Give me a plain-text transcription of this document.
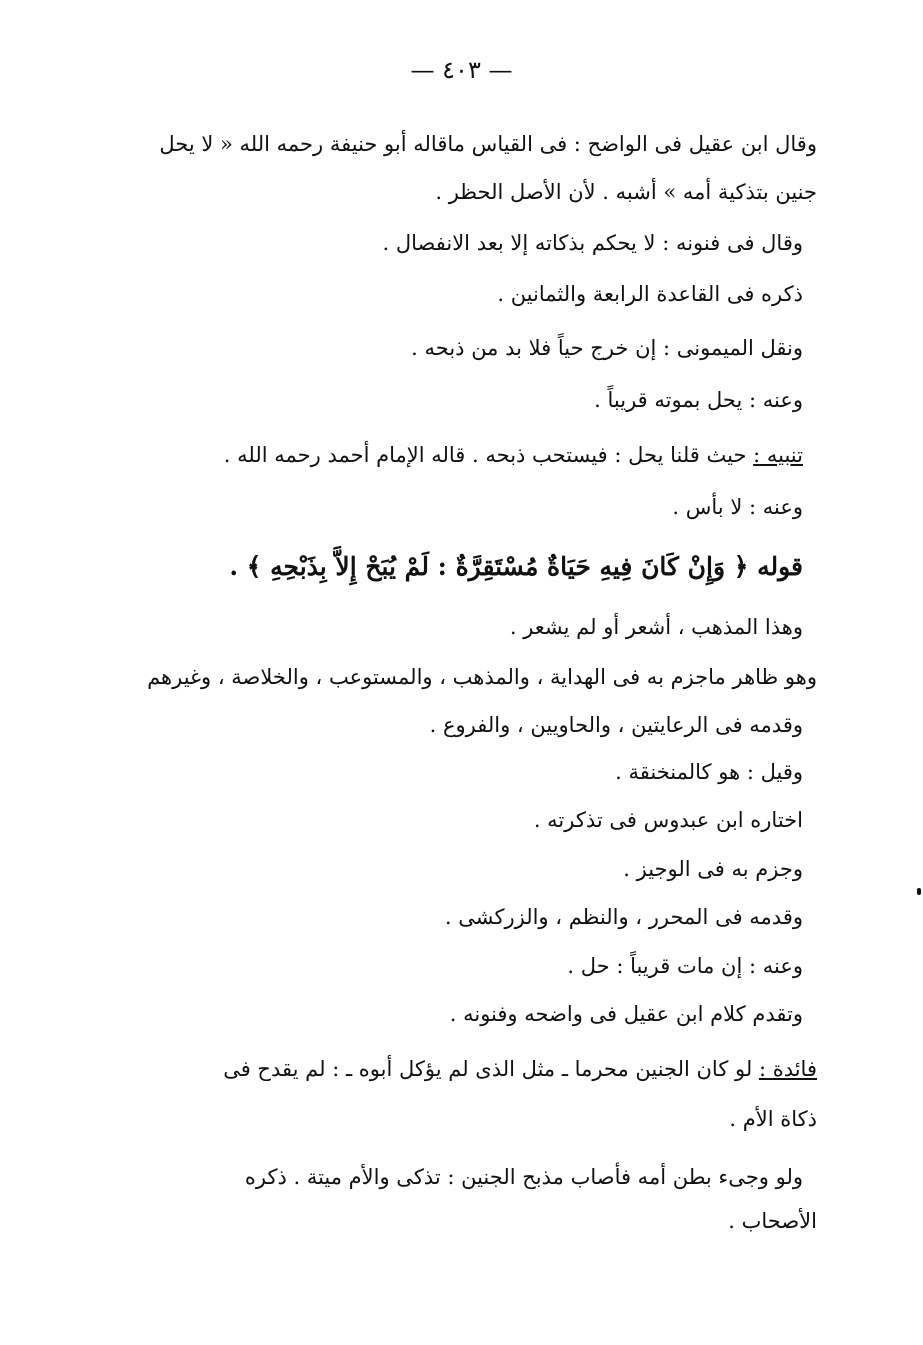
— ٤٠٣ —
وقال ابن عقيل فى الواضح : فى القياس ماقاله أبو حنيفة رحمه الله « لا يحل
جنين بتذكية أمه » أشبه . لأن الأصل الحظر .
وقال فى فنونه : لا يحكم بذكاته إلا بعد الانفصال .
ذكره فى القاعدة الرابعة والثمانين .
ونقل الميمونى : إن خرج حياً فلا بد من ذبحه .
وعنه : يحل بموته قريباً .
تنبيه : حيث قلنا يحل : فيستحب ذبحه . قاله الإمام أحمد رحمه الله .
وعنه : لا بأس .
قوله ﴿ وَإِنْ كَانَ فِيهِ حَيَاةٌ مُسْتَقِرَّةٌ : لَمْ يُبَحْ إِلاَّ بِذَبْحِهِ ﴾ .
وهذا المذهب ، أشعر أو لم يشعر .
وهو ظاهر ماجزم به فى الهداية ، والمذهب ، والمستوعب ، والخلاصة ، وغيرهم
وقدمه فى الرعايتين ، والحاويين ، والفروع .
وقيل : هو كالمنخنقة .
اختاره ابن عبدوس فى تذكرته .
وجزم به فى الوجيز .
وقدمه فى المحرر ، والنظم ، والزركشى .
وعنه : إن مات قريباً : حل .
وتقدم كلام ابن عقيل فى واضحه وفنونه .
فائدة : لو كان الجنين محرما ـ مثل الذى لم يؤكل أبوه ـ : لم يقدح فى
ذكاة الأم .
ولو وجىء بطن أمه فأصاب مذبح الجنين : تذكى والأم ميتة . ذكره
الأصحاب .
